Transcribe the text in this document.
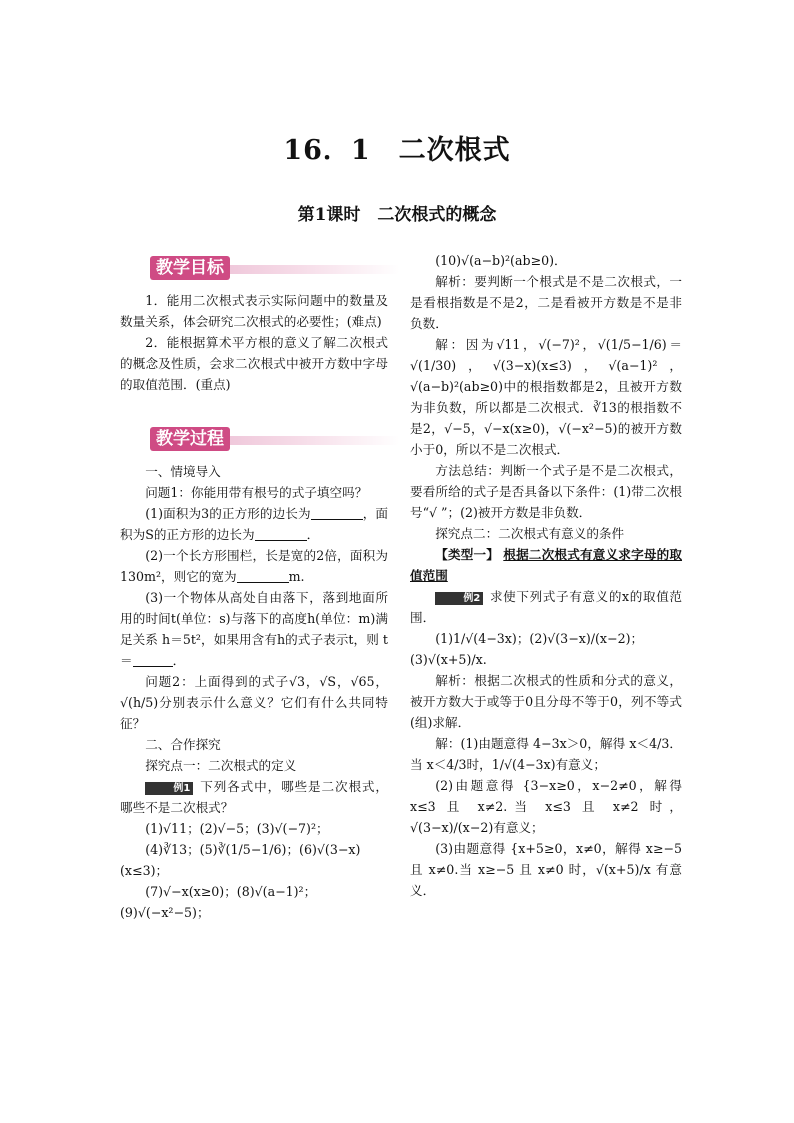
16．1　二次根式
第1课时　二次根式的概念
教学目标

1．能用二次根式表示实际问题中的数量及数量关系，体会研究二次根式的必要性；(难点)

2．能根据算术平方根的意义了解二次根式的概念及性质，会求二次根式中被开方数中字母的取值范围．(重点)

教学过程

一、情境导入

问题1：你能用带有根号的式子填空吗？

(1)面积为3的正方形的边长为	，面积为S的正方形的边长为	．

(2)一个长方形围栏，长是宽的2倍，面积为130m²，则它的宽为	m.

(3)一个物体从高处自由落下，落到地面所用的时间t(单位：s)与落下的高度h(单位：m)满足关系 h＝5t²，如果用含有h的式子表示t，则 t＝	．

问题2：上面得到的式子√3，√S，√65，√(h/5)分别表示什么意义？它们有什么共同特征？

二、合作探究

探究点一：二次根式的定义

例1 下列各式中，哪些是二次根式，哪些不是二次根式？

(1)√11；(2)√−5；(3)√(−7)²；

(4)∛13；(5)∛(1/5−1/6)；(6)√(3−x)(x≤3)；

(7)√−x(x≥0)；(8)√(a−1)²；(9)√(−x²−5)；

(10)√(a−b)²(ab≥0)．

解析：要判断一个根式是不是二次根式，一是看根指数是不是2，二是看被开方数是不是非负数．

解：因为√11，√(−7)²，√(1/5−1/6)＝√(1/30)，√(3−x)(x≤3)，√(a−1)²，√(a−b)²(ab≥0)中的根指数都是2，且被开方数为非负数，所以都是二次根式．∛13的根指数不是2，√−5，√−x(x≥0)，√(−x²−5)的被开方数小于0，所以不是二次根式．

方法总结：判断一个式子是不是二次根式，要看所给的式子是否具备以下条件：(1)带二次根号“√ ”；(2)被开方数是非负数．

探究点二：二次根式有意义的条件

【类型一】 根据二次根式有意义求字母的取值范围

例2 求使下列式子有意义的x的取值范围．

(1)1/√(4−3x)；(2)√(3−x)/(x−2)；(3)√(x+5)/x.

解析：根据二次根式的性质和分式的意义，被开方数大于或等于0且分母不等于0，列不等式(组)求解．

解：(1)由题意得 4−3x＞0，解得 x＜4/3．当 x＜4/3时，1/√(4−3x)有意义；

(2)由题意得 {3−x≥0，x−2≠0，解得 x≤3 且 x≠2.当 x≤3 且 x≠2 时，√(3−x)/(x−2)有意义；

(3)由题意得 {x+5≥0，x≠0，解得 x≥−5 且 x≠0.当 x≥−5 且 x≠0 时，√(x+5)/x 有意义．
